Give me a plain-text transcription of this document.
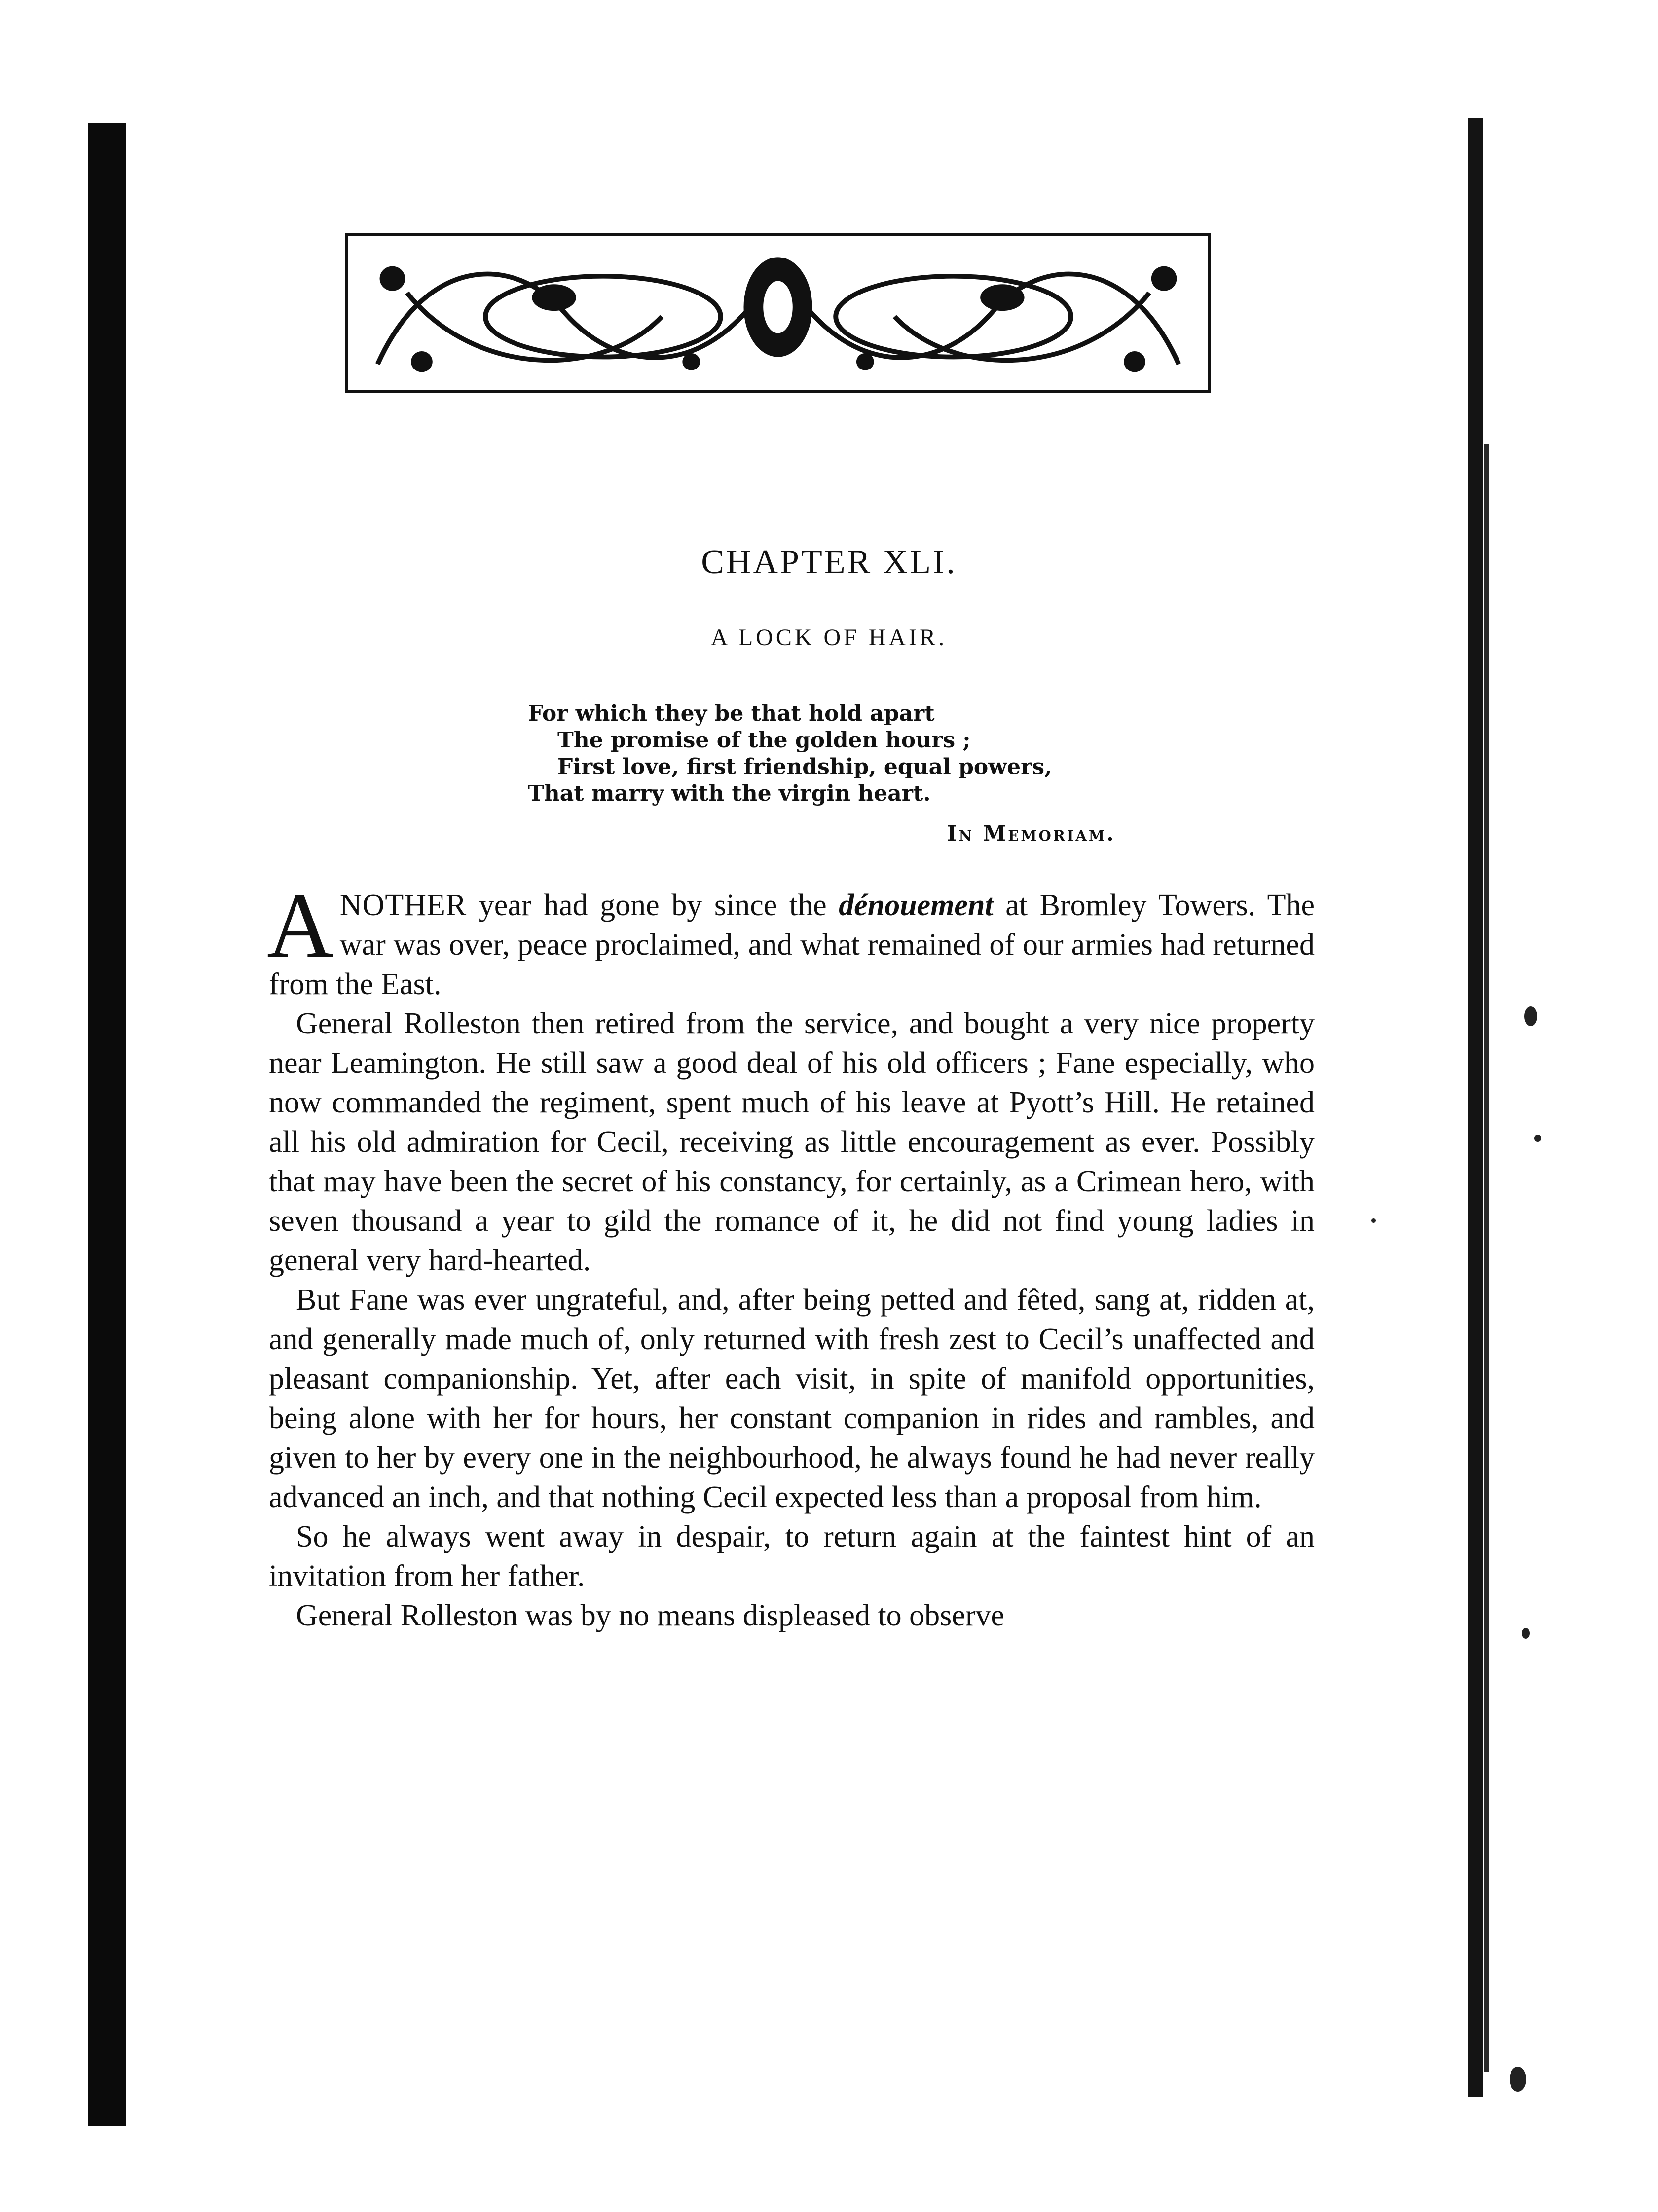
CHAPTER XLI.
A LOCK OF HAIR.
For which they be that hold apart
The promise of the golden hours ;
First love, first friendship, equal powers,
That marry with the virgin heart.
In Memoriam.

ANOTHER year had gone by since the dénouement at Bromley Towers. The war was over, peace proclaimed, and what remained of our armies had returned from the East.

General Rolleston then retired from the service, and bought a very nice property near Leamington. He still saw a good deal of his old officers ; Fane especially, who now commanded the regiment, spent much of his leave at Pyott’s Hill. He retained all his old admiration for Cecil, receiving as little encouragement as ever. Possibly that may have been the secret of his constancy, for certainly, as a Crimean hero, with seven thousand a year to gild the romance of it, he did not find young ladies in general very hard-hearted.

But Fane was ever ungrateful, and, after being petted and fêted, sang at, ridden at, and generally made much of, only returned with fresh zest to Cecil’s unaffected and pleasant companionship. Yet, after each visit, in spite of manifold opportunities, being alone with her for hours, her constant companion in rides and rambles, and given to her by every one in the neighbourhood, he always found he had never really advanced an inch, and that nothing Cecil expected less than a proposal from him.

So he always went away in despair, to return again at the faintest hint of an invitation from her father.

General Rolleston was by no means displeased to observe
